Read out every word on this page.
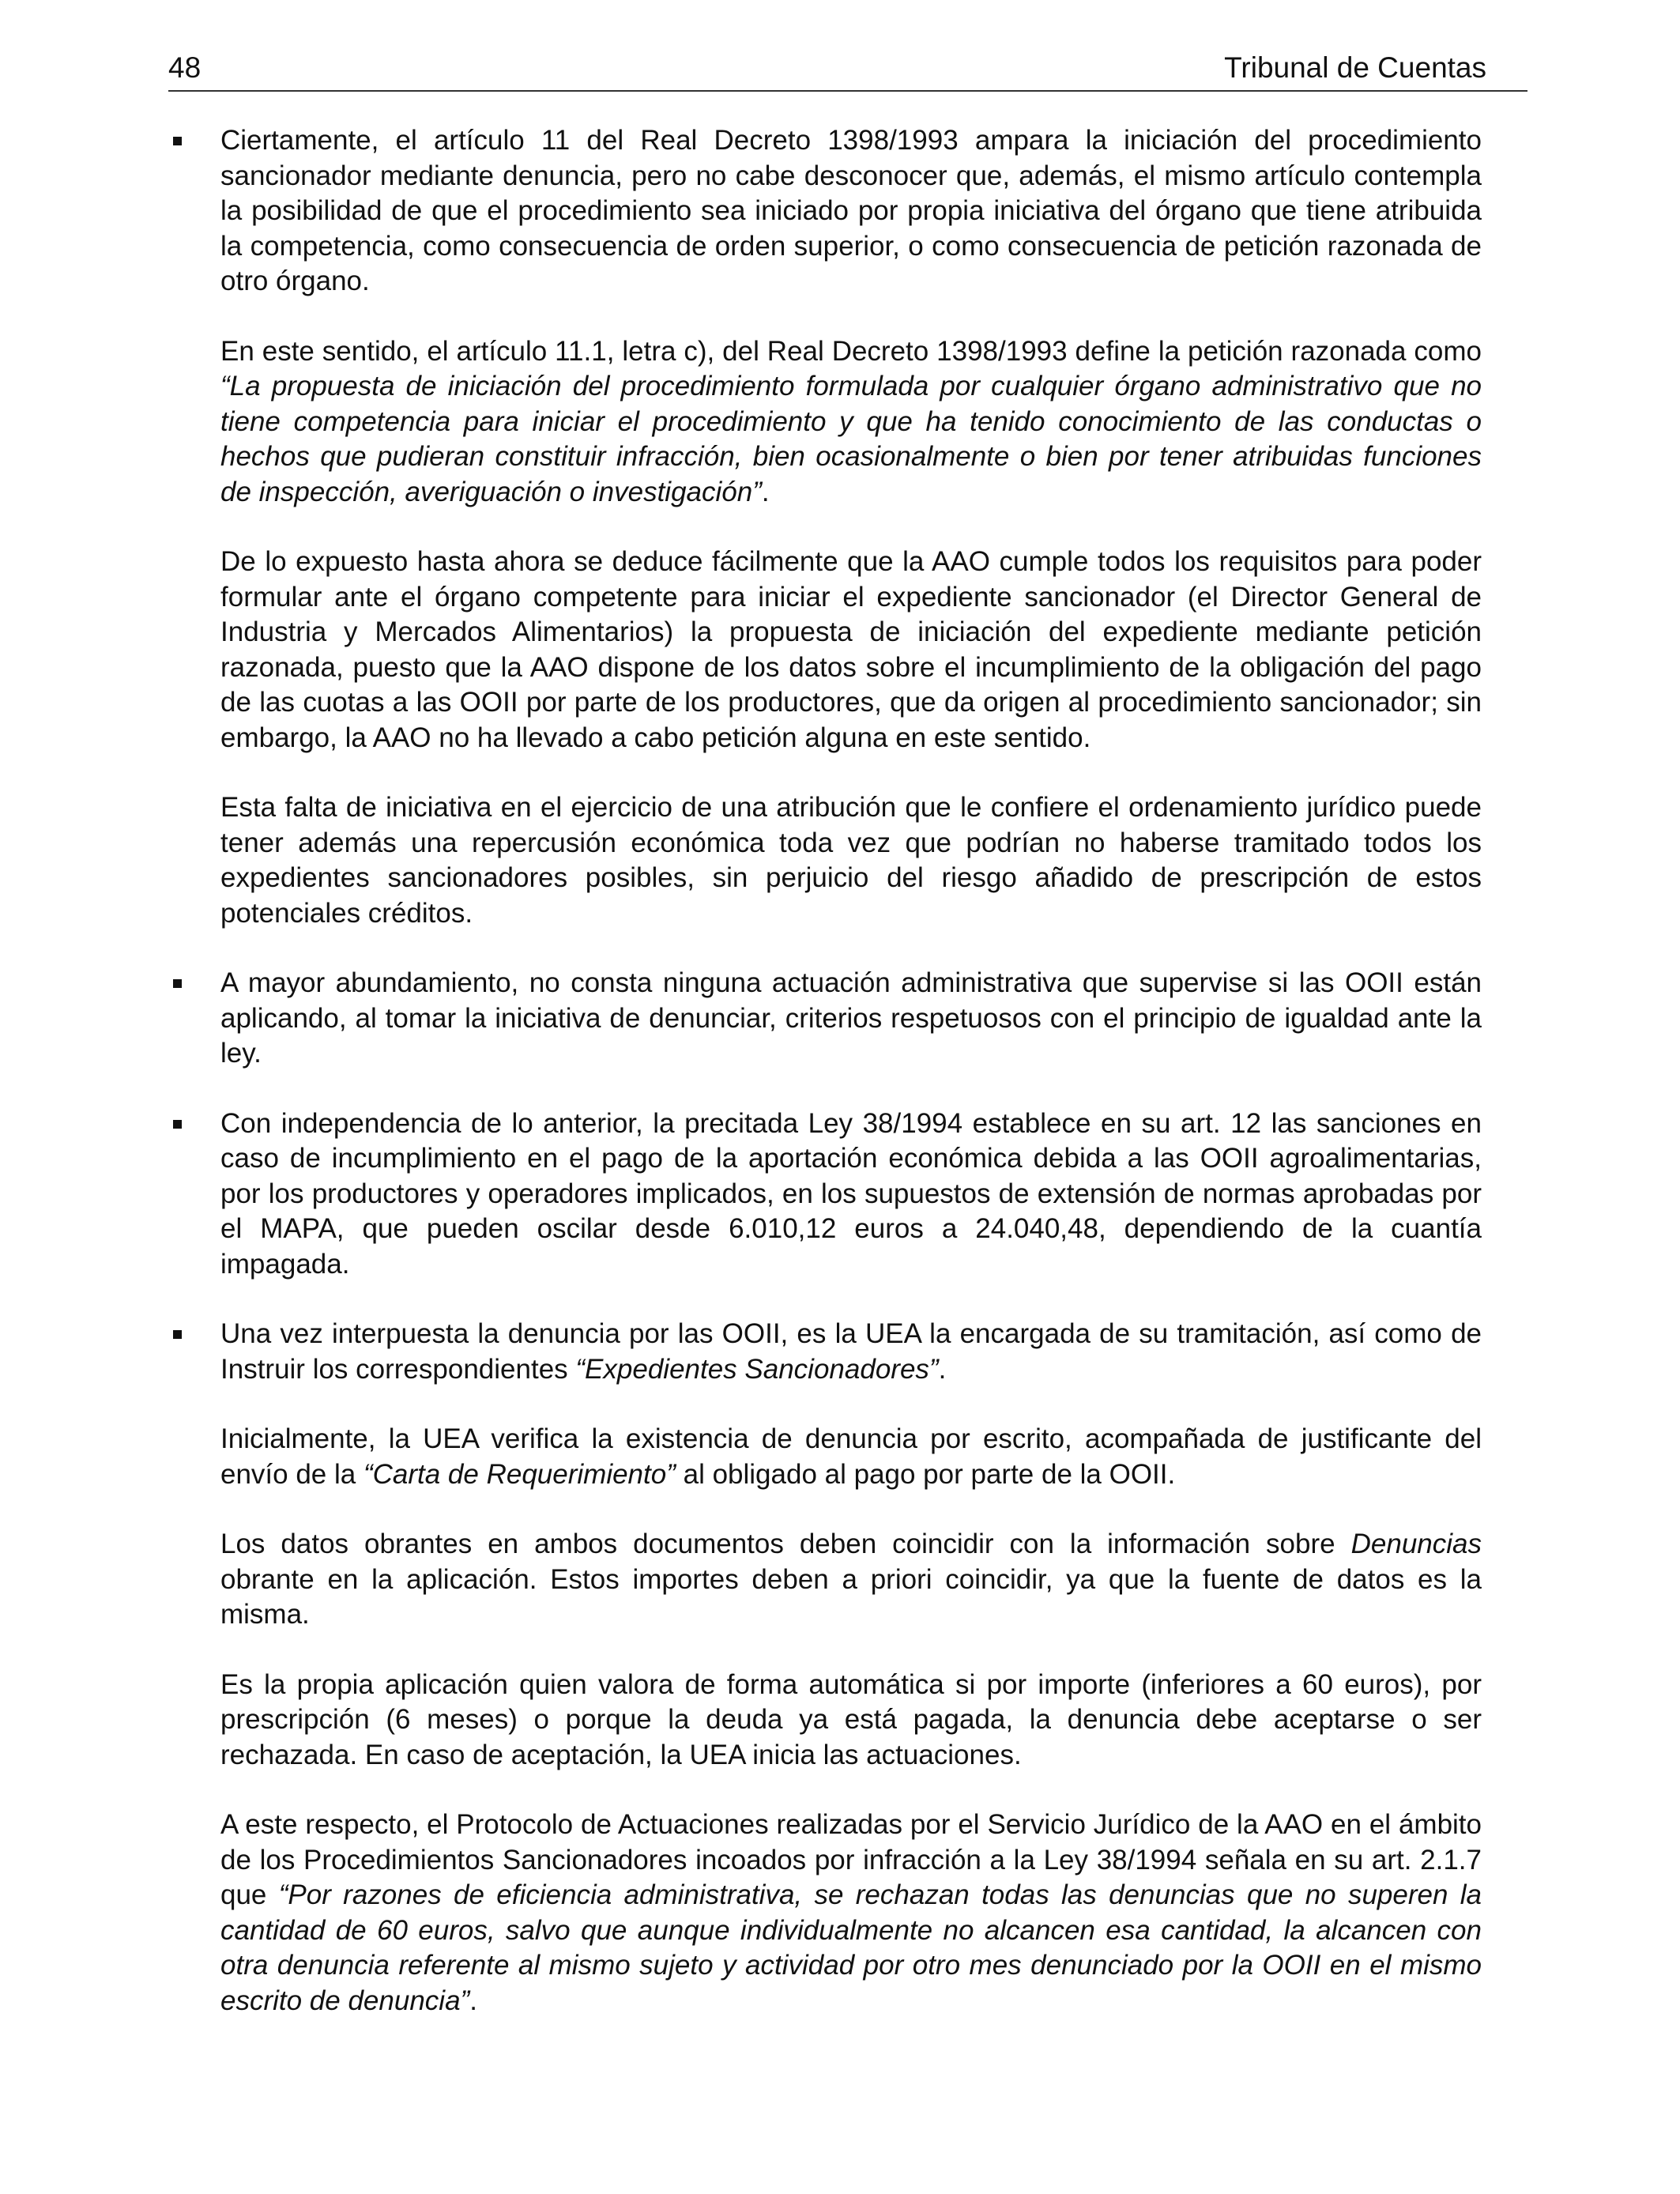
48	Tribunal de Cuentas

Ciertamente, el artículo 11 del Real Decreto 1398/1993 ampara la iniciación del procedimiento sancionador mediante denuncia, pero no cabe desconocer que, además, el mismo artículo contempla la posibilidad de que el procedimiento sea iniciado por propia iniciativa del órgano que tiene atribuida la competencia, como consecuencia de orden superior, o como consecuencia de petición razonada de otro órgano.

En este sentido, el artículo 11.1, letra c), del Real Decreto 1398/1993 define la petición razonada como “La propuesta de iniciación del procedimiento formulada por cualquier órgano administrativo que no tiene competencia para iniciar el procedimiento y que ha tenido conocimiento de las conductas o hechos que pudieran constituir infracción, bien ocasionalmente o bien por tener atribuidas funciones de inspección, averiguación o investigación”.

De lo expuesto hasta ahora se deduce fácilmente que la AAO cumple todos los requisitos para poder formular ante el órgano competente para iniciar el expediente sancionador (el Director General de Industria y Mercados Alimentarios) la propuesta de iniciación del expediente mediante petición razonada, puesto que la AAO dispone de los datos sobre el incumplimiento de la obligación del pago de las cuotas a las OOII por parte de los productores, que da origen al procedimiento sancionador; sin embargo, la AAO no ha llevado a cabo petición alguna en este sentido.

Esta falta de iniciativa en el ejercicio de una atribución que le confiere el ordenamiento jurídico puede tener además una repercusión económica toda vez que podrían no haberse tramitado todos los expedientes sancionadores posibles, sin perjuicio del riesgo añadido de prescripción de estos potenciales créditos.

A mayor abundamiento, no consta ninguna actuación administrativa que supervise si las OOII están aplicando, al tomar la iniciativa de denunciar, criterios respetuosos con el principio de igualdad ante la ley.

Con independencia de lo anterior, la precitada Ley 38/1994 establece en su art. 12 las sanciones en caso de incumplimiento en el pago de la aportación económica debida a las OOII agroalimentarias, por los productores y operadores implicados, en los supuestos de extensión de normas aprobadas por el MAPA, que pueden oscilar desde 6.010,12 euros a 24.040,48, dependiendo de la cuantía impagada.

Una vez interpuesta la denuncia por las OOII, es la UEA la encargada de su tramitación, así como de Instruir los correspondientes “Expedientes Sancionadores”.

Inicialmente, la UEA verifica la existencia de denuncia por escrito, acompañada de justificante del envío de la “Carta de Requerimiento” al obligado al pago por parte de la OOII.

Los datos obrantes en ambos documentos deben coincidir con la información sobre Denuncias obrante en la aplicación. Estos importes deben a priori coincidir, ya que la fuente de datos es la misma.

Es la propia aplicación quien valora de forma automática si por importe (inferiores a 60 euros), por prescripción (6 meses) o porque la deuda ya está pagada, la denuncia debe aceptarse o ser rechazada. En caso de aceptación, la UEA inicia las actuaciones.

A este respecto, el Protocolo de Actuaciones realizadas por el Servicio Jurídico de la AAO en el ámbito de los Procedimientos Sancionadores incoados por infracción a la Ley 38/1994 señala en su art. 2.1.7 que “Por razones de eficiencia administrativa, se rechazan todas las denuncias que no superen la cantidad de 60 euros, salvo que aunque individualmente no alcancen esa cantidad, la alcancen con otra denuncia referente al mismo sujeto y actividad por otro mes denunciado por la OOII en el mismo escrito de denuncia”.
